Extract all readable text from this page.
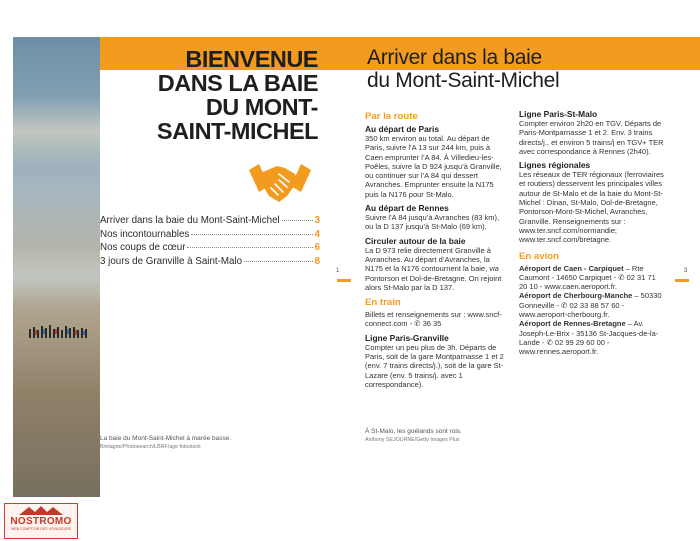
BIENVENUE
DANS LA BAIE
DU MONT-
SAINT-MICHEL
Arriver dans la baie du Mont-Saint-Michel	3
Nos incontournables	4
Nos coups de cœur	6
3 jours de Granville à Saint-Malo	8
1
La baie du Mont-Saint-Michel à marée basse.
Bretagne/Photosearch/LBRF/age fotostock
Arriver dans la baie
du Mont-Saint-Michel
3
Par la route
Au départ de Paris

350 km environ au total. Au départ de Paris, suivre l’A 13 sur 244 km, puis à Caen emprunter l’A 84. À Villedieu-les-Poêles, suivre la D 924 jusqu’à Granville, ou continuer sur l’A 84 qui dessert Avranches. Emprunter ensuite la N175 puis la N176 pour St-Malo.

Au départ de Rennes

Suivre l’A 84 jusqu’à Avranches (83 km), ou la D 137 jusqu’à St-Malo (69 km).

Circuler autour de la baie

La D 973 relie directement Granville à Avranches. Au départ d’Avranches, la N175 et la N176 contournent la baie, via Pontorson et Dol-de-Bretagne. On rejoint alors St-Malo par la D 137.

En train

Billets et renseignements sur : www.sncf-connect.com - ✆ 36 35

Ligne Paris-Granville

Compter un peu plus de 3h. Départs de Paris, soit de la gare Montparnasse 1 et 2 (env. 7 trains directs/j.), soit de la gare St-Lazare (env. 5 trains/j. avec 1 correspondance).

À St-Malo, les goélands sont rois.
Anthony SEJOURNE/Getty Images Plus
Ligne Paris-St-Malo

Compter environ 2h20 en TGV. Départs de Paris-Montparnasse 1 et 2. Env. 3 trains directs/j., et environ 5 trains/j en TGV+ TER avec correspondance à Rennes (2h40).

Lignes régionales

Les réseaux de TER régionaux (ferroviaires et routiers) desservent les principales villes autour de St-Malo et de la baie du Mont-St-Michel : Dinan, St-Malo, Dol-de-Bretagne, Pontorson-Mont-St-Michel, Avranches, Granville. Renseignements sur : www.ter.sncf.com/normandie; www.ter.sncf.com/bretagne.

En avion

Aéroport de Caen - Carpiquet – Rte Caumont - 14650 Carpiquet - ✆ 02 31 71 20 10 - www.caen.aeroport.fr.

Aéroport de Cherbourg-Manche – 50330 Gonneville - ✆ 02 33 88 57 60 - www.aeroport-cherbourg.fr.

Aéroport de Rennes-Bretagne – Av. Joseph-Le-Brix - 35136 St-Jacques-de-la-Lande - ✆ 02 99 29 60 00 - www.rennes.aeroport.fr.

NOSTROMO
WEB COMPTOIR DES VOYAGEURS
